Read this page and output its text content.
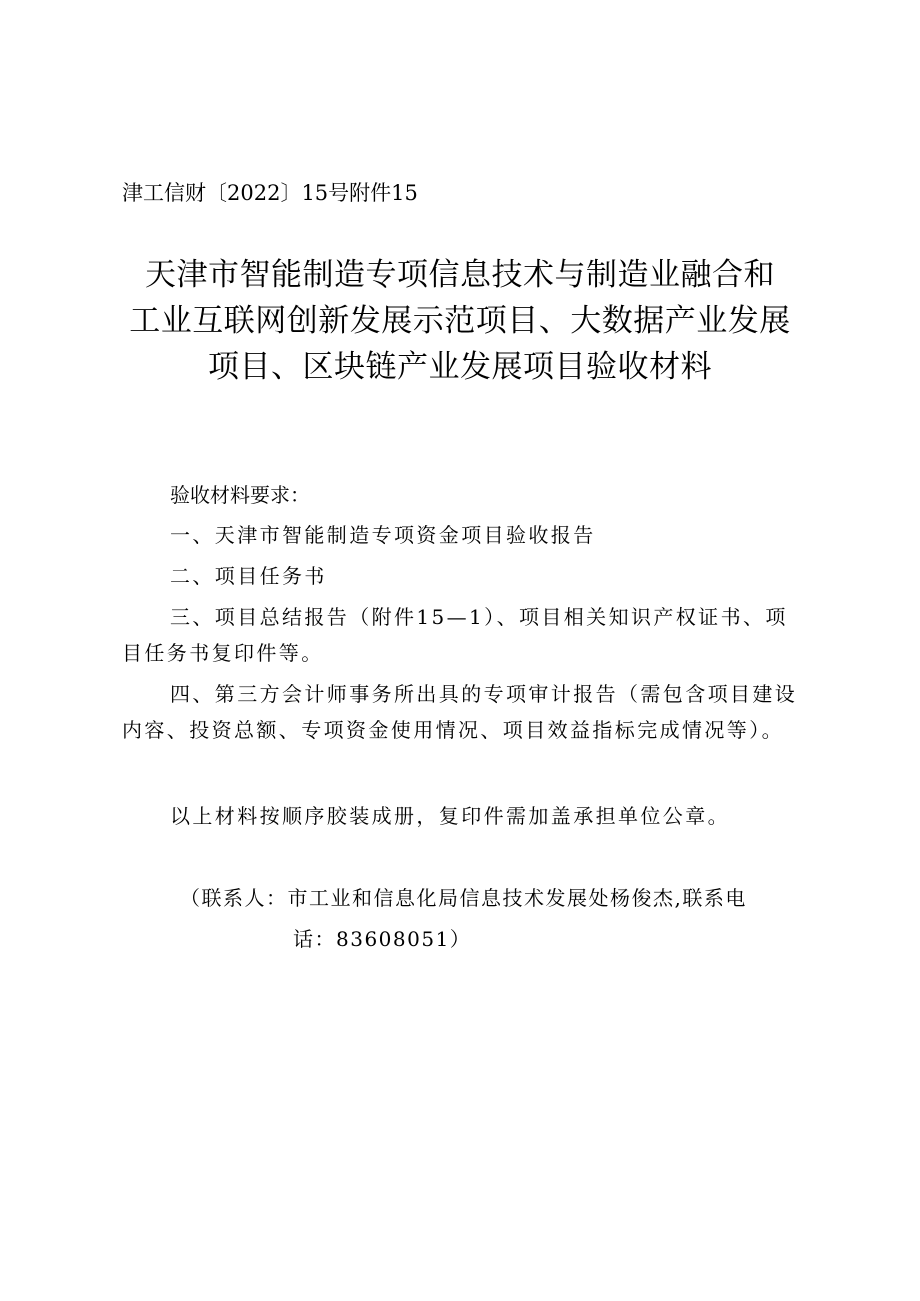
津工信财〔2022〕15号附件15
天津市智能制造专项信息技术与制造业融合和
工业互联网创新发展示范项目、大数据产业发展
项目、区块链产业发展项目验收材料
验收材料要求：
一、天津市智能制造专项资金项目验收报告
二、项目任务书
三、项目总结报告（附件15—1）、项目相关知识产权证书、项目任务书复印件等。
四、第三方会计师事务所出具的专项审计报告（需包含项目建设内容、投资总额、专项资金使用情况、项目效益指标完成情况等）。
以上材料按顺序胶装成册，复印件需加盖承担单位公章。
（联系人：市工业和信息化局信息技术发展处杨俊杰,联系电
话：83608051）
